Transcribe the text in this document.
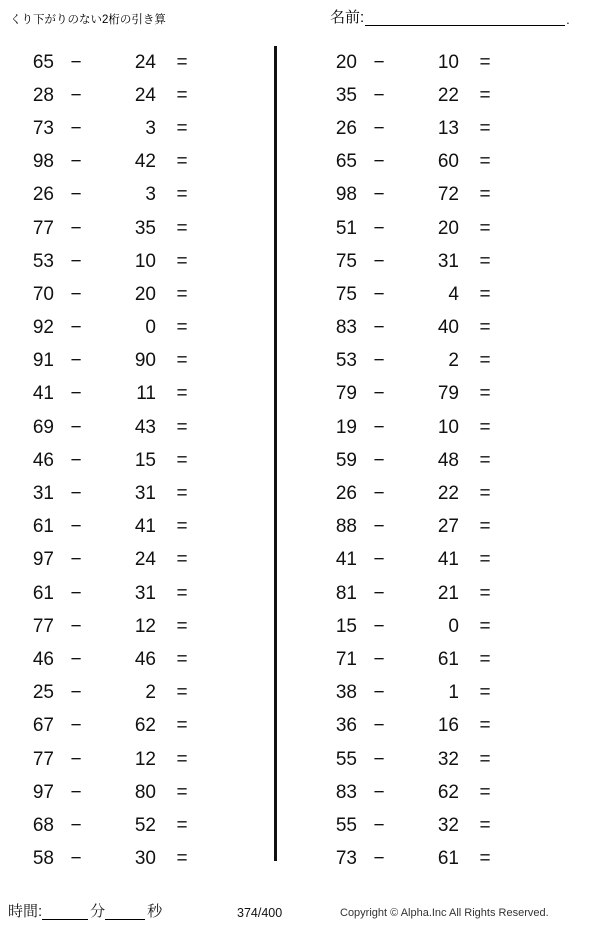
くり下がりのない2桁の引き算	名前:	.
65 −	24	=
28 −	24	=
73 −	3	=
98 −	42	=
26 −	3	=
77 −	35	=
53 −	10	=
70 −	20	=
92 −	0	=
91 −	90	=
41 −	11	=
69 −	43	=
46 −	15	=
31 −	31	=
61 −	41	=
97 −	24	=
61 −	31	=
77 −	12	=
46 −	46	=
25 −	2	=
67 −	62	=
77 −	12	=
97 −	80	=
68 −	52	=
58 −	30	=
20 −	10	=
35 −	22	=
26 −	13	=
65 −	60	=
98 −	72	=
51 −	20	=
75 −	31	=
75 −	4	=
83 −	40	=
53 −	2	=
79 −	79	=
19 −	10	=
59 −	48	=
26 −	22	=
88 −	27	=
41 −	41	=
81 −	21	=
15 −	0	=
71 −	61	=
38 −	1	=
36 −	16	=
55 −	32	=
83 −	62	=
55 −	32	=
73 −	61	=
時間:	分	秒	374/400	Copyright © Alpha.Inc All Rights Reserved.
